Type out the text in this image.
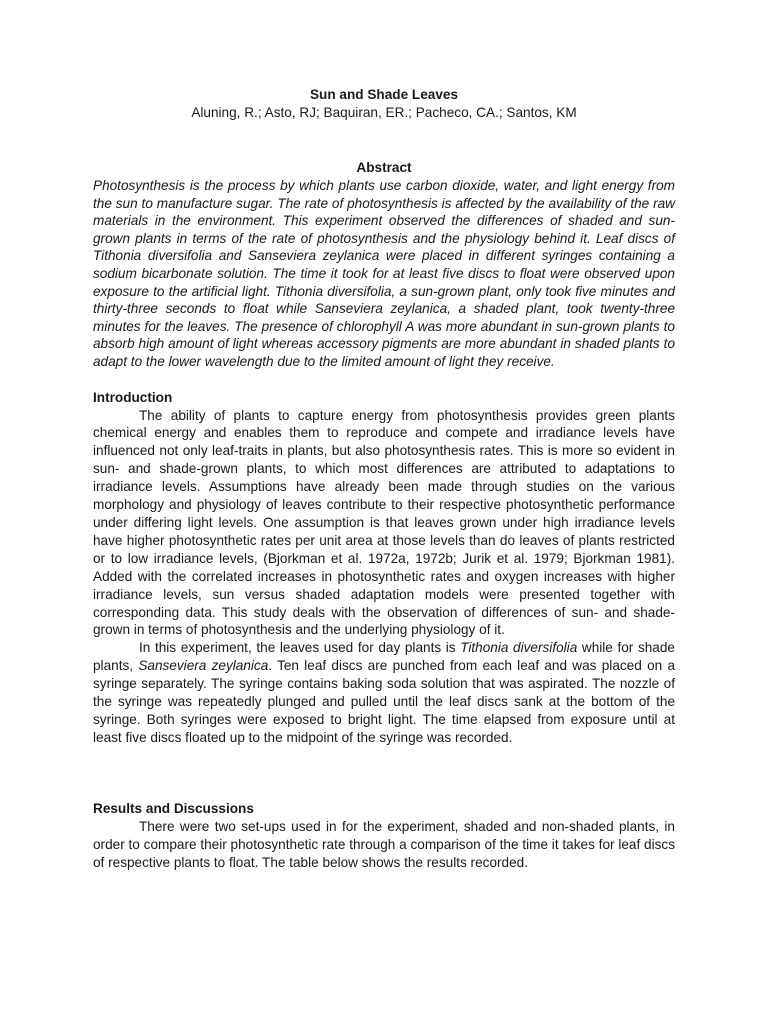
Sun and Shade Leaves
Aluning, R.; Asto, RJ; Baquiran, ER.; Pacheco, CA.; Santos, KM
Abstract

Photosynthesis is the process by which plants use carbon dioxide, water, and light energy from the sun to manufacture sugar. The rate of photosynthesis is affected by the availability of the raw materials in the environment. This experiment observed the differences of shaded and sun- grown plants in terms of the rate of photosynthesis and the physiology behind it. Leaf discs of Tithonia diversifolia and Sanseviera zeylanica were placed in different syringes containing a sodium bicarbonate solution. The time it took for at least five discs to float were observed upon exposure to the artificial light. Tithonia diversifolia, a sun-grown plant, only took five minutes and thirty-three seconds to float while Sanseviera zeylanica, a shaded plant, took twenty-three minutes for the leaves. The presence of chlorophyll A was more abundant in sun-grown plants to absorb high amount of light whereas accessory pigments are more abundant in shaded plants to adapt to the lower wavelength due to the limited amount of light they receive.

Introduction

The ability of plants to capture energy from photosynthesis provides green plants chemical energy and enables them to reproduce and compete and irradiance levels have influenced not only leaf-traits in plants, but also photosynthesis rates. This is more so evident in sun- and shade-grown plants, to which most differences are attributed to adaptations to irradiance levels. Assumptions have already been made through studies on the various morphology and physiology of leaves contribute to their respective photosynthetic performance under differing light levels. One assumption is that leaves grown under high irradiance levels have higher photosynthetic rates per unit area at those levels than do leaves of plants restricted or to low irradiance levels, (Bjorkman et al. 1972a, 1972b; Jurik et al. 1979; Bjorkman 1981). Added with the correlated increases in photosynthetic rates and oxygen increases with higher irradiance levels, sun versus shaded adaptation models were presented together with corresponding data. This study deals with the observation of differences of sun- and shade-grown in terms of photosynthesis and the underlying physiology of it.

In this experiment, the leaves used for day plants is Tithonia diversifolia while for shade plants, Sanseviera zeylanica. Ten leaf discs are punched from each leaf and was placed on a syringe separately. The syringe contains baking soda solution that was aspirated. The nozzle of the syringe was repeatedly plunged and pulled until the leaf discs sank at the bottom of the syringe. Both syringes were exposed to bright light. The time elapsed from exposure until at least five discs floated up to the midpoint of the syringe was recorded.

Results and Discussions

There were two set-ups used in for the experiment, shaded and non-shaded plants, in order to compare their photosynthetic rate through a comparison of the time it takes for leaf discs of respective plants to float. The table below shows the results recorded.
